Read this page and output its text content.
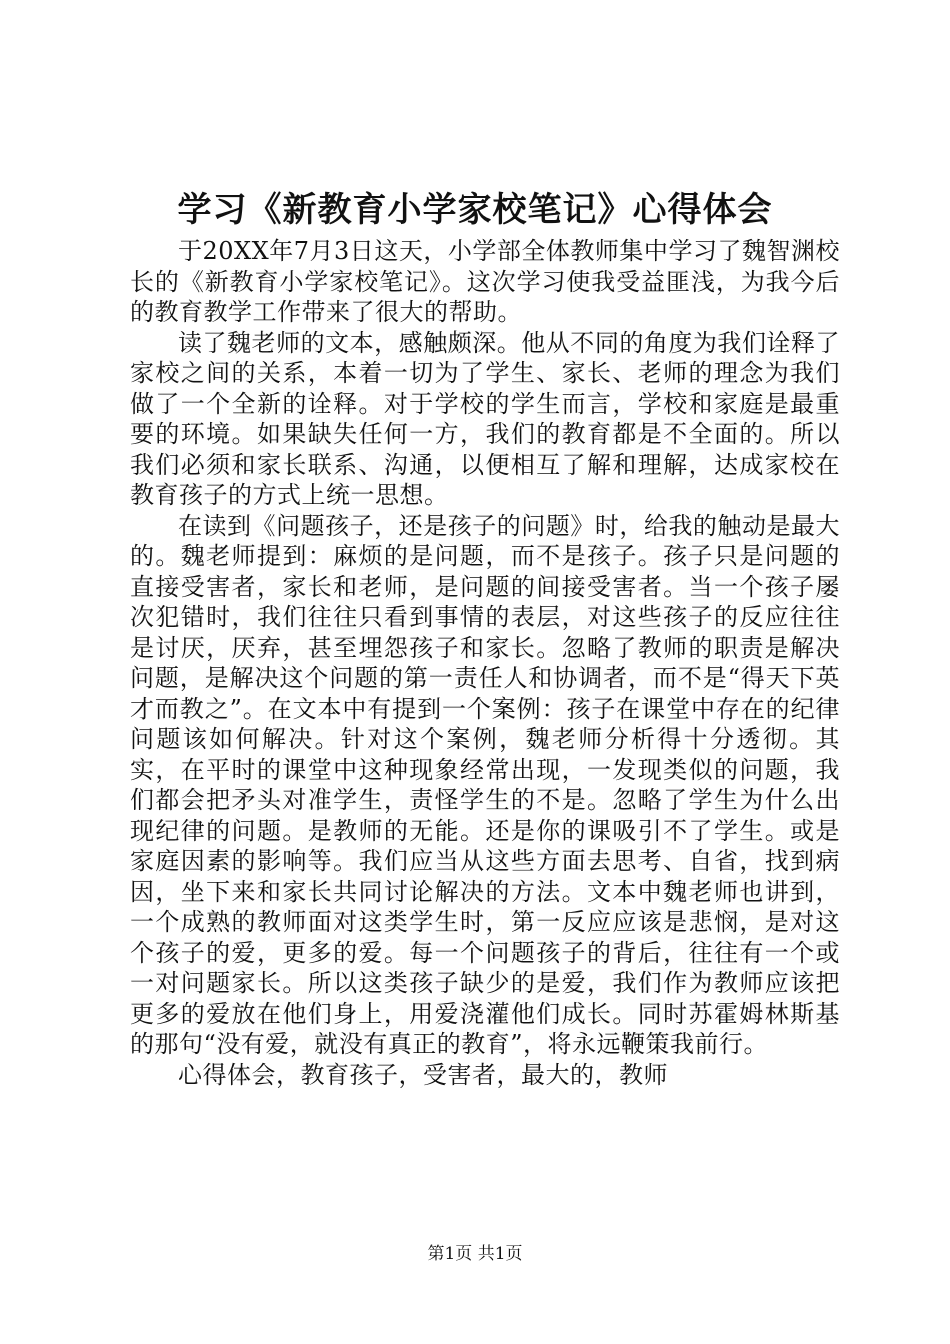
学习《新教育小学家校笔记》心得体会

于20XX年7月3日这天，小学部全体教师集中学习了魏智渊校长的《新教育小学家校笔记》。这次学习使我受益匪浅，为我今后的教育教学工作带来了很大的帮助。

读了魏老师的文本，感触颇深。他从不同的角度为我们诠释了家校之间的关系，本着一切为了学生、家长、老师的理念为我们做了一个全新的诠释。对于学校的学生而言，学校和家庭是最重要的环境。如果缺失任何一方，我们的教育都是不全面的。所以我们必须和家长联系、沟通，以便相互了解和理解，达成家校在教育孩子的方式上统一思想。

在读到《问题孩子，还是孩子的问题》时，给我的触动是最大的。魏老师提到：麻烦的是问题，而不是孩子。孩子只是问题的直接受害者，家长和老师，是问题的间接受害者。当一个孩子屡次犯错时，我们往往只看到事情的表层，对这些孩子的反应往往是讨厌，厌弃，甚至埋怨孩子和家长。忽略了教师的职责是解决问题，是解决这个问题的第一责任人和协调者，而不是“得天下英才而教之”。在文本中有提到一个案例：孩子在课堂中存在的纪律问题该如何解决。针对这个案例，魏老师分析得十分透彻。其实，在平时的课堂中这种现象经常出现，一发现类似的问题，我们都会把矛头对准学生，责怪学生的不是。忽略了学生为什么出现纪律的问题。是教师的无能。还是你的课吸引不了学生。或是家庭因素的影响等。我们应当从这些方面去思考、自省，找到病因，坐下来和家长共同讨论解决的方法。文本中魏老师也讲到，一个成熟的教师面对这类学生时，第一反应应该是悲悯，是对这个孩子的爱，更多的爱。每一个问题孩子的背后，往往有一个或一对问题家长。所以这类孩子缺少的是爱，我们作为教师应该把更多的爱放在他们身上，用爱浇灌他们成长。同时苏霍姆林斯基的那句“没有爱，就没有真正的教育”，将永远鞭策我前行。

心得体会，教育孩子，受害者，最大的，教师

第1页 共1页
